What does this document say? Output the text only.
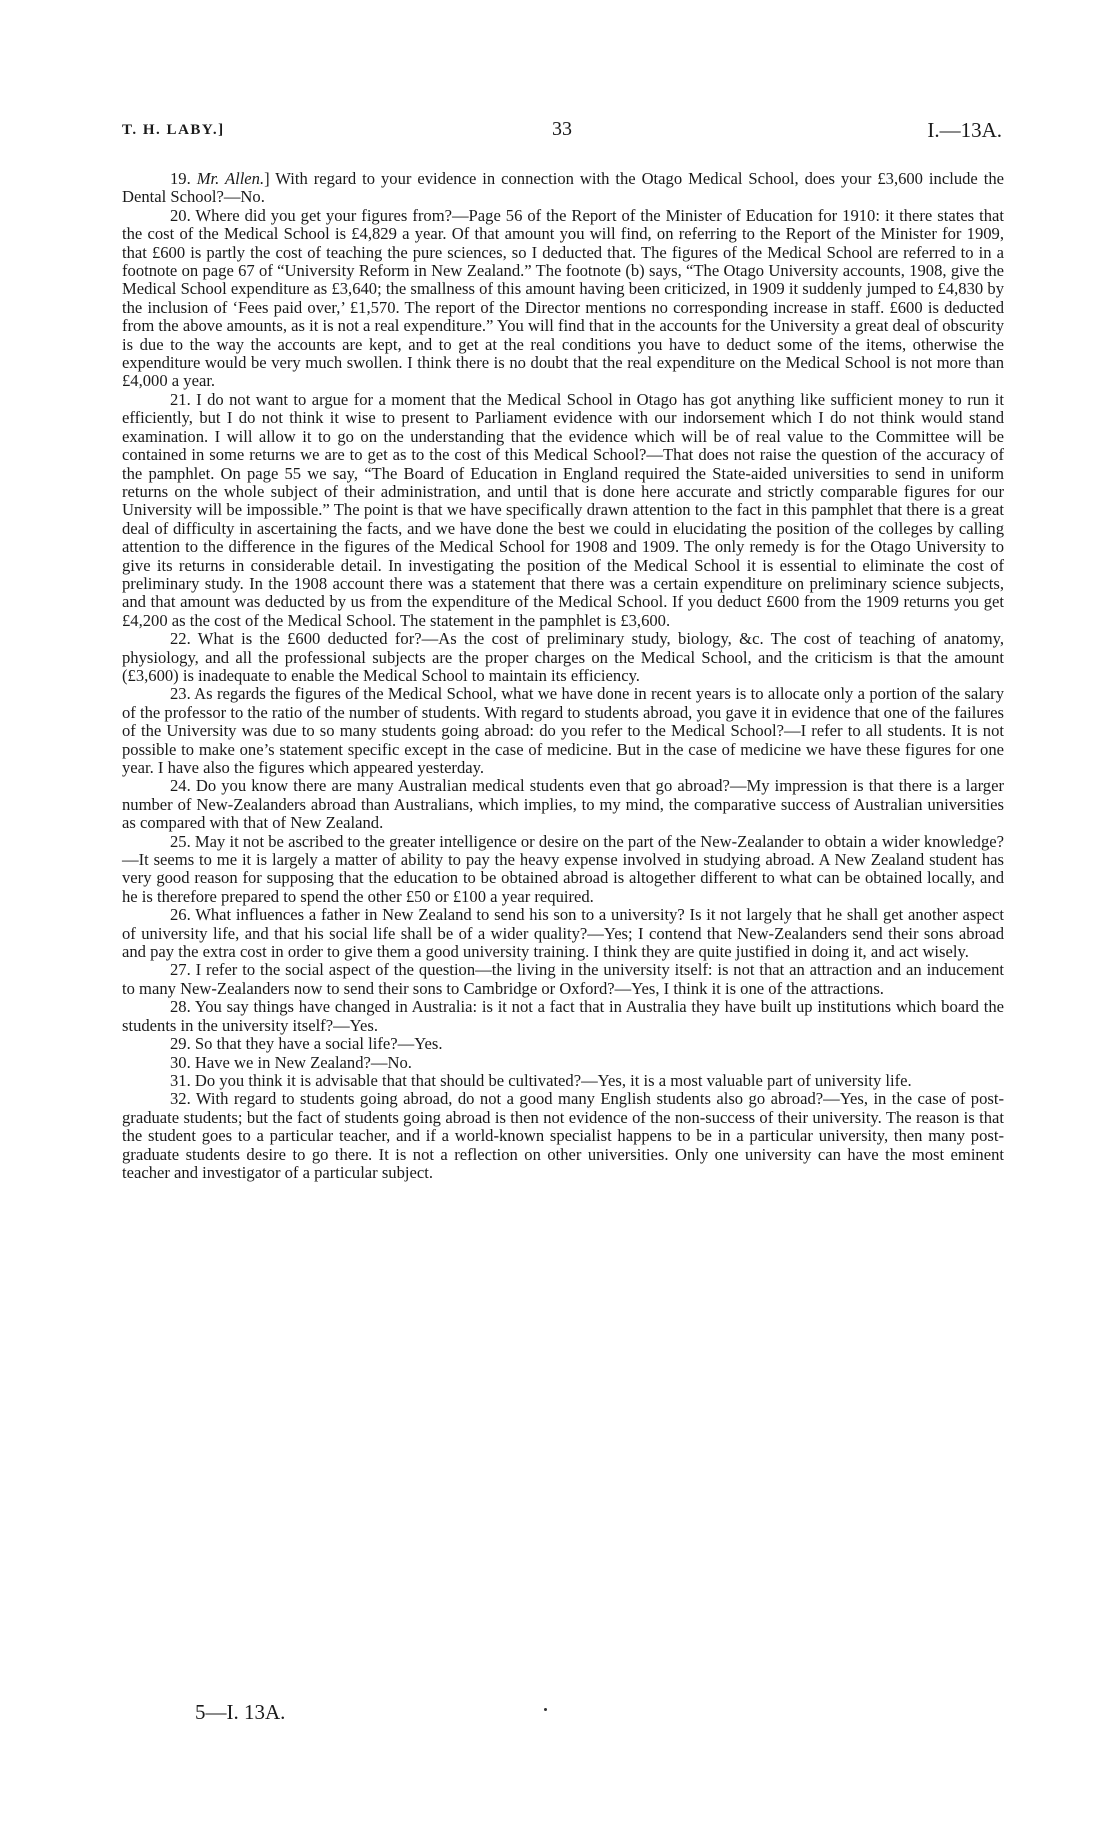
T. H. LABY.]	33	I.—13A.

19. Mr. Allen.] With regard to your evidence in connection with the Otago Medical School, does your £3,600 include the Dental School?—No.

20. Where did you get your figures from?—Page 56 of the Report of the Minister of Education for 1910: it there states that the cost of the Medical School is £4,829 a year. Of that amount you will find, on referring to the Report of the Minister for 1909, that £600 is partly the cost of teaching the pure sciences, so I deducted that. The figures of the Medical School are referred to in a footnote on page 67 of “University Reform in New Zealand.” The footnote (b) says, “The Otago University accounts, 1908, give the Medical School expenditure as £3,640; the smallness of this amount having been criticized, in 1909 it suddenly jumped to £4,830 by the inclusion of ‘Fees paid over,’ £1,570. The report of the Director mentions no corresponding increase in staff. £600 is deducted from the above amounts, as it is not a real expenditure.” You will find that in the accounts for the University a great deal of obscurity is due to the way the accounts are kept, and to get at the real conditions you have to deduct some of the items, otherwise the expenditure would be very much swollen. I think there is no doubt that the real expenditure on the Medical School is not more than £4,000 a year.

21. I do not want to argue for a moment that the Medical School in Otago has got anything like sufficient money to run it efficiently, but I do not think it wise to present to Parliament evidence with our indorsement which I do not think would stand examination. I will allow it to go on the understanding that the evidence which will be of real value to the Committee will be contained in some returns we are to get as to the cost of this Medical School?—That does not raise the question of the accuracy of the pamphlet. On page 55 we say, “The Board of Education in England required the State-aided universities to send in uniform returns on the whole subject of their administration, and until that is done here accurate and strictly comparable figures for our University will be impossible.” The point is that we have specifically drawn attention to the fact in this pamphlet that there is a great deal of difficulty in ascertaining the facts, and we have done the best we could in elucidating the position of the colleges by calling attention to the difference in the figures of the Medical School for 1908 and 1909. The only remedy is for the Otago University to give its returns in considerable detail. In investigating the position of the Medical School it is essential to eliminate the cost of preliminary study. In the 1908 account there was a statement that there was a certain expenditure on preliminary science subjects, and that amount was deducted by us from the expenditure of the Medical School. If you deduct £600 from the 1909 returns you get £4,200 as the cost of the Medical School. The statement in the pamphlet is £3,600.

22. What is the £600 deducted for?—As the cost of preliminary study, biology, &c. The cost of teaching of anatomy, physiology, and all the professional subjects are the proper charges on the Medical School, and the criticism is that the amount (£3,600) is inadequate to enable the Medical School to maintain its efficiency.

23. As regards the figures of the Medical School, what we have done in recent years is to allocate only a portion of the salary of the professor to the ratio of the number of students. With regard to students abroad, you gave it in evidence that one of the failures of the University was due to so many students going abroad: do you refer to the Medical School?—I refer to all students. It is not possible to make one’s statement specific except in the case of medicine. But in the case of medicine we have these figures for one year. I have also the figures which appeared yesterday.

24. Do you know there are many Australian medical students even that go abroad?—My impression is that there is a larger number of New-Zealanders abroad than Australians, which implies, to my mind, the comparative success of Australian universities as compared with that of New Zealand.

25. May it not be ascribed to the greater intelligence or desire on the part of the New-Zealander to obtain a wider knowledge?—It seems to me it is largely a matter of ability to pay the heavy expense involved in studying abroad. A New Zealand student has very good reason for supposing that the education to be obtained abroad is altogether different to what can be obtained locally, and he is therefore prepared to spend the other £50 or £100 a year required.

26. What influences a father in New Zealand to send his son to a university? Is it not largely that he shall get another aspect of university life, and that his social life shall be of a wider quality?—Yes; I contend that New-Zealanders send their sons abroad and pay the extra cost in order to give them a good university training. I think they are quite justified in doing it, and act wisely.

27. I refer to the social aspect of the question—the living in the university itself: is not that an attraction and an inducement to many New-Zealanders now to send their sons to Cambridge or Oxford?—Yes, I think it is one of the attractions.

28. You say things have changed in Australia: is it not a fact that in Australia they have built up institutions which board the students in the university itself?—Yes.

29. So that they have a social life?—Yes.

30. Have we in New Zealand?—No.

31. Do you think it is advisable that that should be cultivated?—Yes, it is a most valuable part of university life.

32. With regard to students going abroad, do not a good many English students also go abroad?—Yes, in the case of post-graduate students; but the fact of students going abroad is then not evidence of the non-success of their university. The reason is that the student goes to a particular teacher, and if a world-known specialist happens to be in a particular university, then many post-graduate students desire to go there. It is not a reflection on other universities. Only one university can have the most eminent teacher and investigator of a particular subject.

5—I. 13A.
